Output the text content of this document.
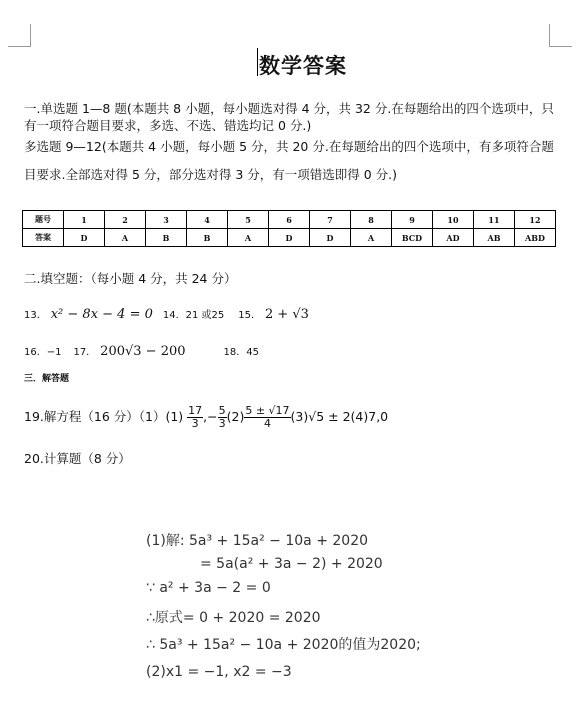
数学答案
一.单选题 1—8 题(本题共 8 小题，每小题选对得 4 分，共 32 分.在每题给出的四个选项中，只
有一项符合题目要求，多选、不选、错选均记 0 分.)
多选题 9—12(本题共 4 小题，每小题 5 分，共 20 分.在每题给出的四个选项中，有多项符合题
目要求.全部选对得 5 分，部分选对得 3 分，有一项错选即得 0 分.)
题号	1	2	3	4	5	6	7	8	9	10	11	12
答案	D	A	B	B	A	D	D	A	BCD	AD	AB	ABD
二.填空题：（每小题 4 分，共 24 分）
13． x² − 8x − 4 = 0 14．21 或25 15． 2 + √3
16．−1 17． 200√3 − 200	18．45
三．解答题
19.解方程（16 分）$(1)(1) \frac{17}{3}$ ,− $\frac{5}{3} (2) \frac{5 \pm √17}{4} (3)√5 \pm 2(4)7,0$
20.计算题（8 分）
(1)解: 5a³ + 15a² − 10a + 2020
= 5a(a² + 3a − 2) + 2020
∵ a² + 3a − 2 = 0
∴原式= 0 + 2020 = 2020
∴ 5a³ + 15a² − 10a + 2020的值为2020;
(2)x1 = −1, x2 = −3
